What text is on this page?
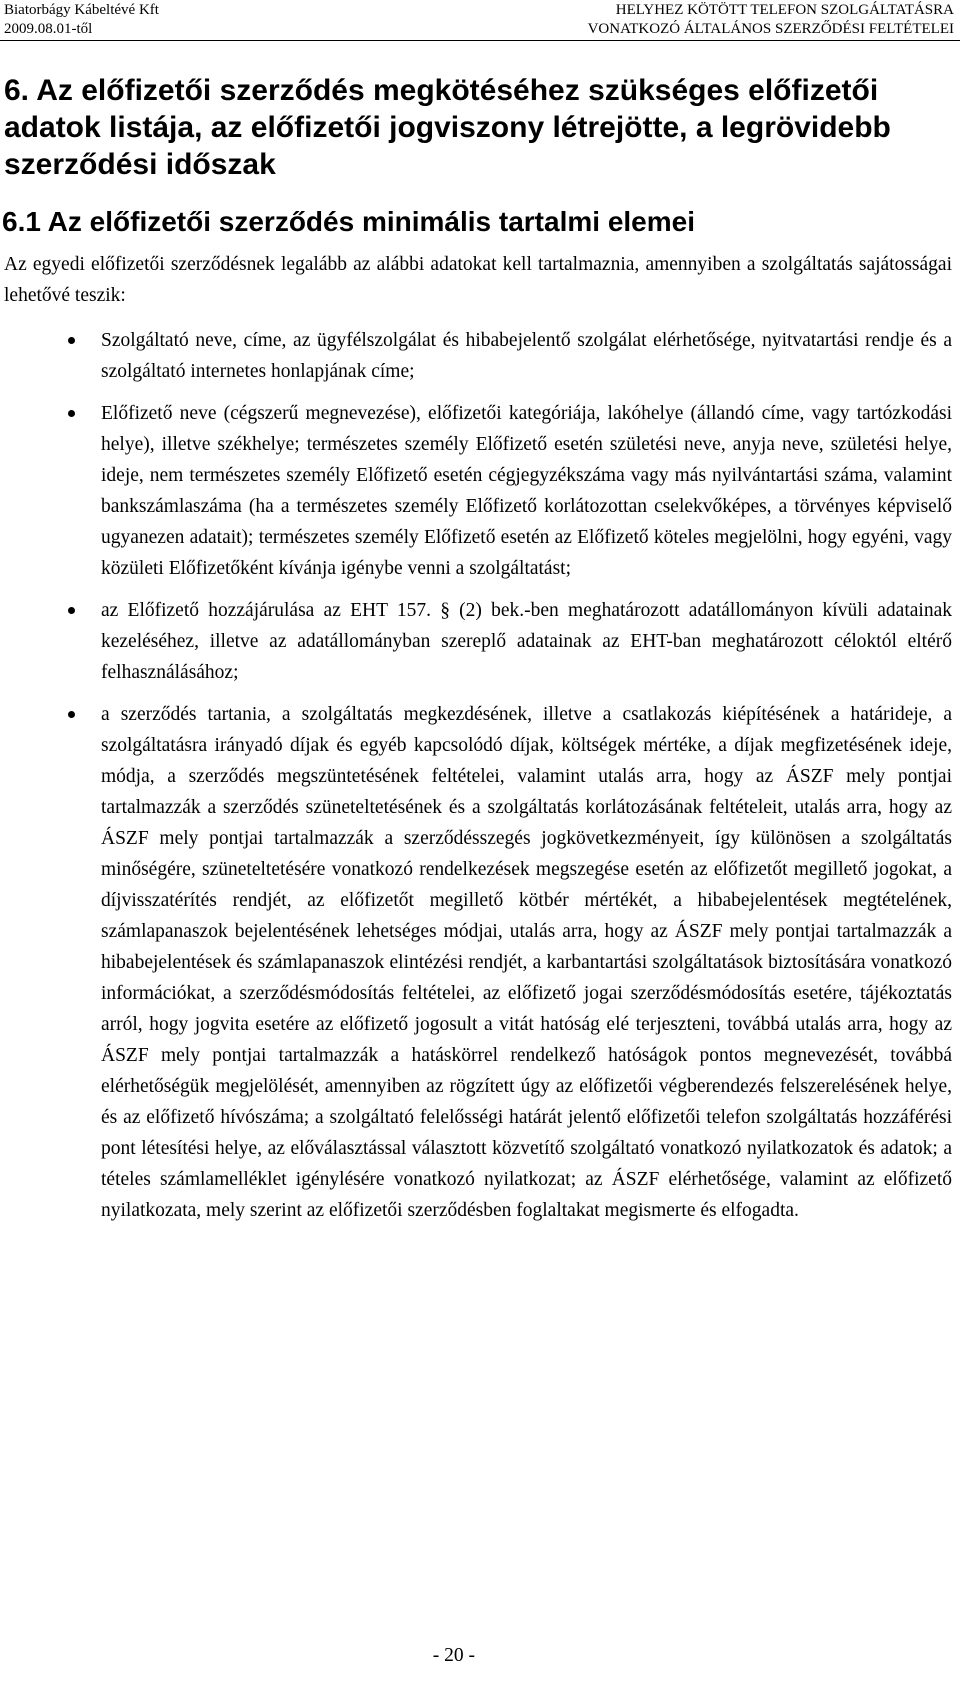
Biatorbágy Kábeltévé Kft
2009.08.01-től
HELYHEZ KÖTÖTT TELEFON SZOLGÁLTATÁSRA
VONATKOZÓ ÁLTALÁNOS SZERZŐDÉSI FELTÉTELEI
6. Az előfizetői szerződés megkötéséhez szükséges előfizetői adatok listája, az előfizetői jogviszony létrejötte, a legrövidebb szerződési időszak
6.1 Az előfizetői szerződés minimális tartalmi elemei

Az egyedi előfizetői szerződésnek legalább az alábbi adatokat kell tartalmaznia, amennyiben a szolgáltatás sajátosságai lehetővé teszik:

Szolgáltató neve, címe, az ügyfélszolgálat és hibabejelentő szolgálat elérhetősége, nyitvatartási rendje és a szolgáltató internetes honlapjának címe;
Előfizető neve (cégszerű megnevezése), előfizetői kategóriája, lakóhelye (állandó címe, vagy tartózkodási helye), illetve székhelye; természetes személy Előfizető esetén születési neve, anyja neve, születési helye, ideje, nem természetes személy Előfizető esetén cégjegyzékszáma vagy más nyilvántartási száma, valamint bankszámlaszáma (ha a természetes személy Előfizető korlátozottan cselekvőképes, a törvényes képviselő ugyanezen adatait); természetes személy Előfizető esetén az Előfizető köteles megjelölni, hogy egyéni, vagy közületi Előfizetőként kívánja igénybe venni a szolgáltatást;
az Előfizető hozzájárulása az EHT 157. § (2) bek.-ben meghatározott adatállományon kívüli adatainak kezeléséhez, illetve az adatállományban szereplő adatainak az EHT-ban meghatározott céloktól eltérő felhasználásához;
a szerződés tartania, a szolgáltatás megkezdésének, illetve a csatlakozás kiépítésének a határideje, a szolgáltatásra irányadó díjak és egyéb kapcsolódó díjak, költségek mértéke, a díjak megfizetésének ideje, módja, a szerződés megszüntetésének feltételei, valamint utalás arra, hogy az ÁSZF mely pontjai tartalmazzák a szerződés szüneteltetésének és a szolgáltatás korlátozásának feltételeit, utalás arra, hogy az ÁSZF mely pontjai tartalmazzák a szerződésszegés jogkövetkezményeit, így különösen a szolgáltatás minőségére, szüneteltetésére vonatkozó rendelkezések megszegése esetén az előfizetőt megillető jogokat, a díjvisszatérítés rendjét, az előfizetőt megillető kötbér mértékét, a hibabejelentések megtételének, számlapanaszok bejelentésének lehetséges módjai, utalás arra, hogy az ÁSZF mely pontjai tartalmazzák a hibabejelentések és számlapanaszok elintézési rendjét, a karbantartási szolgáltatások biztosítására vonatkozó információkat, a szerződésmódosítás feltételei, az előfizető jogai szerződésmódosítás esetére, tájékoztatás arról, hogy jogvita esetére az előfizető jogosult a vitát hatóság elé terjeszteni, továbbá utalás arra, hogy az ÁSZF mely pontjai tartalmazzák a hatáskörrel rendelkező hatóságok pontos megnevezését, továbbá elérhetőségük megjelölését, amennyiben az rögzített úgy az előfizetői végberendezés felszerelésének helye, és az előfizető hívószáma; a szolgáltató felelősségi határát jelentő előfizetői telefon szolgáltatás hozzáférési pont létesítési helye, az előválasztással választott közvetítő szolgáltató vonatkozó nyilatkozatok és adatok; a tételes számlamelléklet igénylésére vonatkozó nyilatkozat; az ÁSZF elérhetősége, valamint az előfizető nyilatkozata, mely szerint az előfizetői szerződésben foglaltakat megismerte és elfogadta.
- 20 -
